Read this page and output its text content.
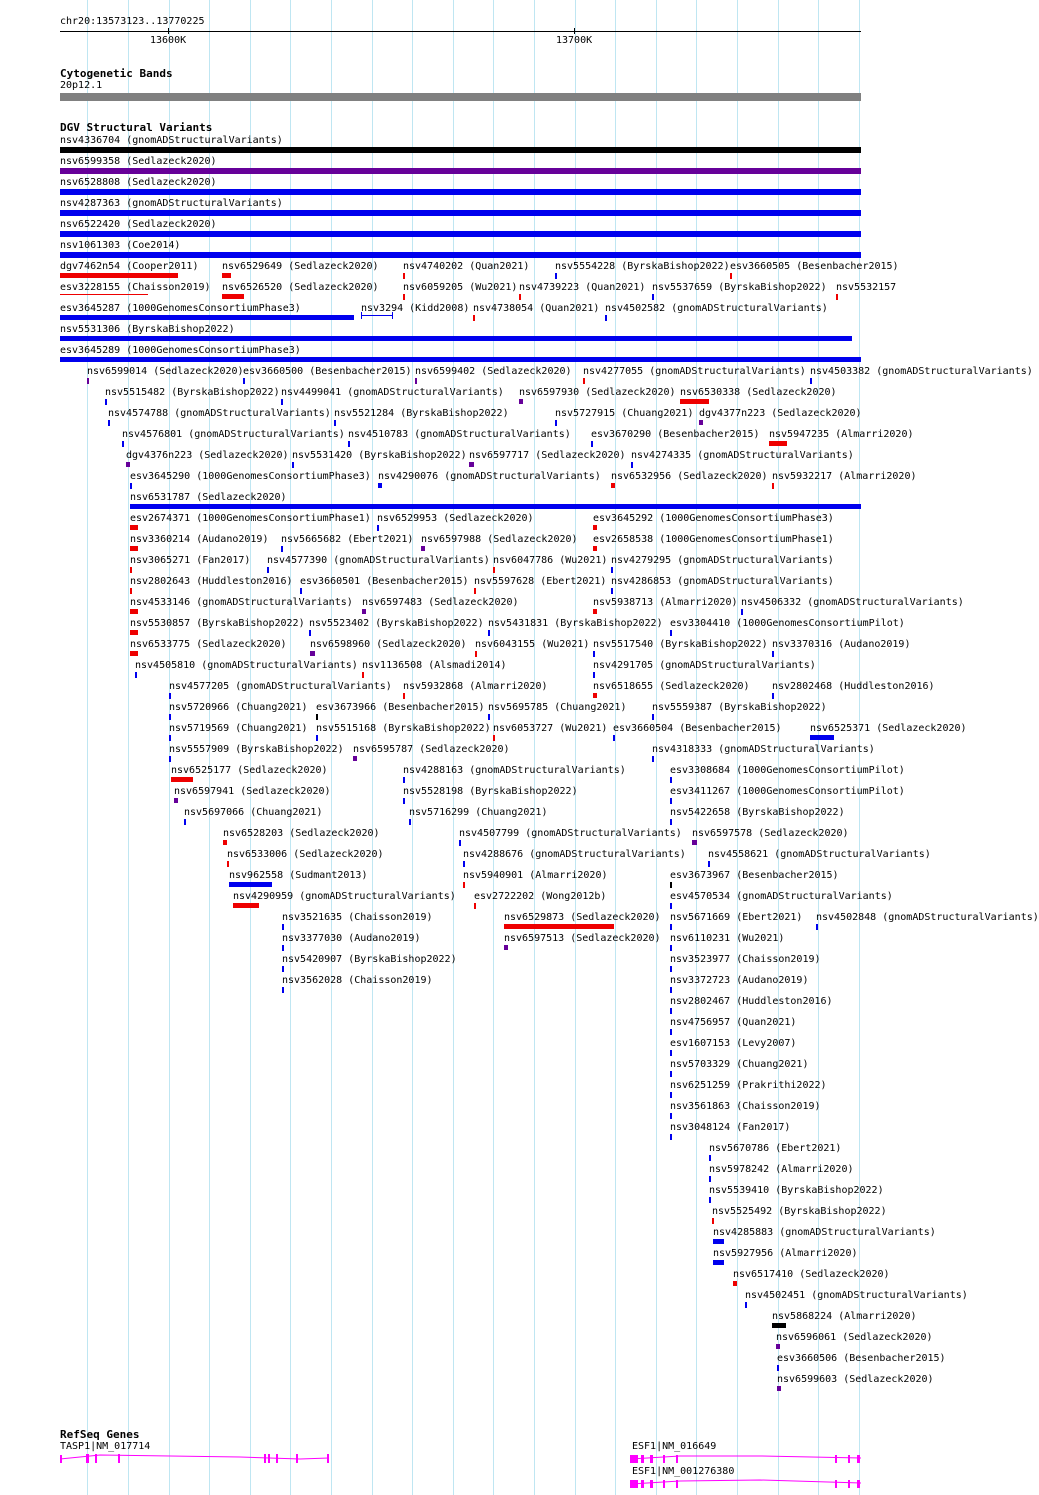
chr20:13573123..13770225
13600K	13700K
Cytogenetic Bands
20p12.1
DGV Structural Variants
nsv4336704 (gnomADStructuralVariants)
nsv6599358 (Sedlazeck2020)
nsv6528808 (Sedlazeck2020)
nsv4287363 (gnomADStructuralVariants)
nsv6522420 (Sedlazeck2020)
nsv1061303 (Coe2014)
dgv7462n54 (Cooper2011) nsv6529649 (Sedlazeck2020) nsv4740202 (Quan2021)	nsv5554228 (ByrskaBishop2022) esv3660505 (Besenbacher2015)
esv3228155 (Chaisson2019) nsv6526520 (Sedlazeck2020) nsv6059205 (Wu2021) nsv4739223 (Quan2021) nsv5537659 (ByrskaBishop2022) nsv5532157
esv3645287 (1000GenomesConsortiumPhase3)	nsv3294 (Kidd2008) nsv4738054 (Quan2021) nsv4502582 (gnomADStructuralVariants)
nsv5531306 (ByrskaBishop2022)
esv3645289 (1000GenomesConsortiumPhase3)
nsv6599014 (Sedlazeck2020) esv3660500 (Besenbacher2015) nsv6599402 (Sedlazeck2020) nsv4277055 (gnomADStructuralVariants) nsv4503382 (gnomADStructuralVariants)
nsv5515482 (ByrskaBishop2022) nsv4499041 (gnomADStructuralVariants) nsv6597930 (Sedlazeck2020) nsv6530338 (Sedlazeck2020)
nsv4574788 (gnomADStructuralVariants) nsv5521284 (ByrskaBishop2022)	nsv5727915 (Chuang2021) dgv4377n223 (Sedlazeck2020)
nsv4576801 (gnomADStructuralVariants) nsv4510783 (gnomADStructuralVariants) esv3670290 (Besenbacher2015) nsv5947235 (Almarri2020)
dgv4376n223 (Sedlazeck2020) nsv5531420 (ByrskaBishop2022) nsv6597717 (Sedlazeck2020) nsv4274335 (gnomADStructuralVariants)
esv3645290 (1000GenomesConsortiumPhase3) nsv4290076 (gnomADStructuralVariants) nsv6532956 (Sedlazeck2020) nsv5932217 (Almarri2020)
nsv6531787 (Sedlazeck2020)
esv2674371 (1000GenomesConsortiumPhase1) nsv6529953 (Sedlazeck2020)	esv3645292 (1000GenomesConsortiumPhase3)
nsv3360214 (Audano2019) nsv5665682 (Ebert2021) nsv6597988 (Sedlazeck2020) esv2658538 (1000GenomesConsortiumPhase1)
nsv3065271 (Fan2017) nsv4577390 (gnomADStructuralVariants) nsv6047786 (Wu2021) nsv4279295 (gnomADStructuralVariants)
nsv2802643 (Huddleston2016) esv3660501 (Besenbacher2015) nsv5597628 (Ebert2021) nsv4286853 (gnomADStructuralVariants)
nsv4533146 (gnomADStructuralVariants) nsv6597483 (Sedlazeck2020)	nsv5938713 (Almarri2020) nsv4506332 (gnomADStructuralVariants)
nsv5530857 (ByrskaBishop2022) nsv5523402 (ByrskaBishop2022) nsv5431831 (ByrskaBishop2022) esv3304410 (1000GenomesConsortiumPilot)
nsv6533775 (Sedlazeck2020) nsv6598960 (Sedlazeck2020) nsv6043155 (Wu2021) nsv5517540 (ByrskaBishop2022) nsv3370316 (Audano2019)
nsv4505810 (gnomADStructuralVariants) nsv1136508 (Alsmadi2014)	nsv4291705 (gnomADStructuralVariants)
nsv4577205 (gnomADStructuralVariants) nsv5932868 (Almarri2020)	nsv6518655 (Sedlazeck2020) nsv2802468 (Huddleston2016)
nsv5720966 (Chuang2021) esv3673966 (Besenbacher2015) nsv5695785 (Chuang2021)	nsv5559387 (ByrskaBishop2022)
nsv5719569 (Chuang2021) nsv5515168 (ByrskaBishop2022) nsv6053727 (Wu2021) esv3660504 (Besenbacher2015)	nsv6525371 (Sedlazeck2020)
nsv5557909 (ByrskaBishop2022) nsv6595787 (Sedlazeck2020)	nsv4318333 (gnomADStructuralVariants)
nsv6525177 (Sedlazeck2020)	nsv4288163 (gnomADStructuralVariants)	esv3308684 (1000GenomesConsortiumPilot)
nsv6597941 (Sedlazeck2020)	nsv5528198 (ByrskaBishop2022)	esv3411267 (1000GenomesConsortiumPilot)
nsv5697066 (Chuang2021)	nsv5716299 (Chuang2021)	nsv5422658 (ByrskaBishop2022)
nsv6528203 (Sedlazeck2020)	nsv4507799 (gnomADStructuralVariants) nsv6597578 (Sedlazeck2020)
nsv6533006 (Sedlazeck2020)	nsv4288676 (gnomADStructuralVariants) nsv4558621 (gnomADStructuralVariants)
nsv962558 (Sudmant2013)	nsv5940901 (Almarri2020)	esv3673967 (Besenbacher2015)
nsv4290959 (gnomADStructuralVariants) esv2722202 (Wong2012b)	esv4570534 (gnomADStructuralVariants)
nsv3521635 (Chaisson2019)	nsv6529873 (Sedlazeck2020) nsv5671669 (Ebert2021) nsv4502848 (gnomADStructuralVariants)
nsv3377030 (Audano2019)	nsv6597513 (Sedlazeck2020) nsv6110231 (Wu2021)
nsv5420907 (ByrskaBishop2022)	nsv3523977 (Chaisson2019)
nsv3562028 (Chaisson2019)	nsv3372723 (Audano2019)
nsv2802467 (Huddleston2016)
nsv4756957 (Quan2021)
esv1607153 (Levy2007)
nsv5703329 (Chuang2021)
nsv6251259 (Prakrithi2022)
nsv3561863 (Chaisson2019)
nsv3048124 (Fan2017)
nsv5670786 (Ebert2021)
nsv5978242 (Almarri2020)
nsv5539410 (ByrskaBishop2022)
nsv5525492 (ByrskaBishop2022)
nsv4285883 (gnomADStructuralVariants)
nsv5927956 (Almarri2020)
nsv6517410 (Sedlazeck2020)
nsv4502451 (gnomADStructuralVariants)
nsv5868224 (Almarri2020)
nsv6596061 (Sedlazeck2020)
esv3660506 (Besenbacher2015)
nsv6599603 (Sedlazeck2020)
RefSeq Genes
TASP1|NM_017714	ESF1|NM_016649
ESF1|NM_001276380
